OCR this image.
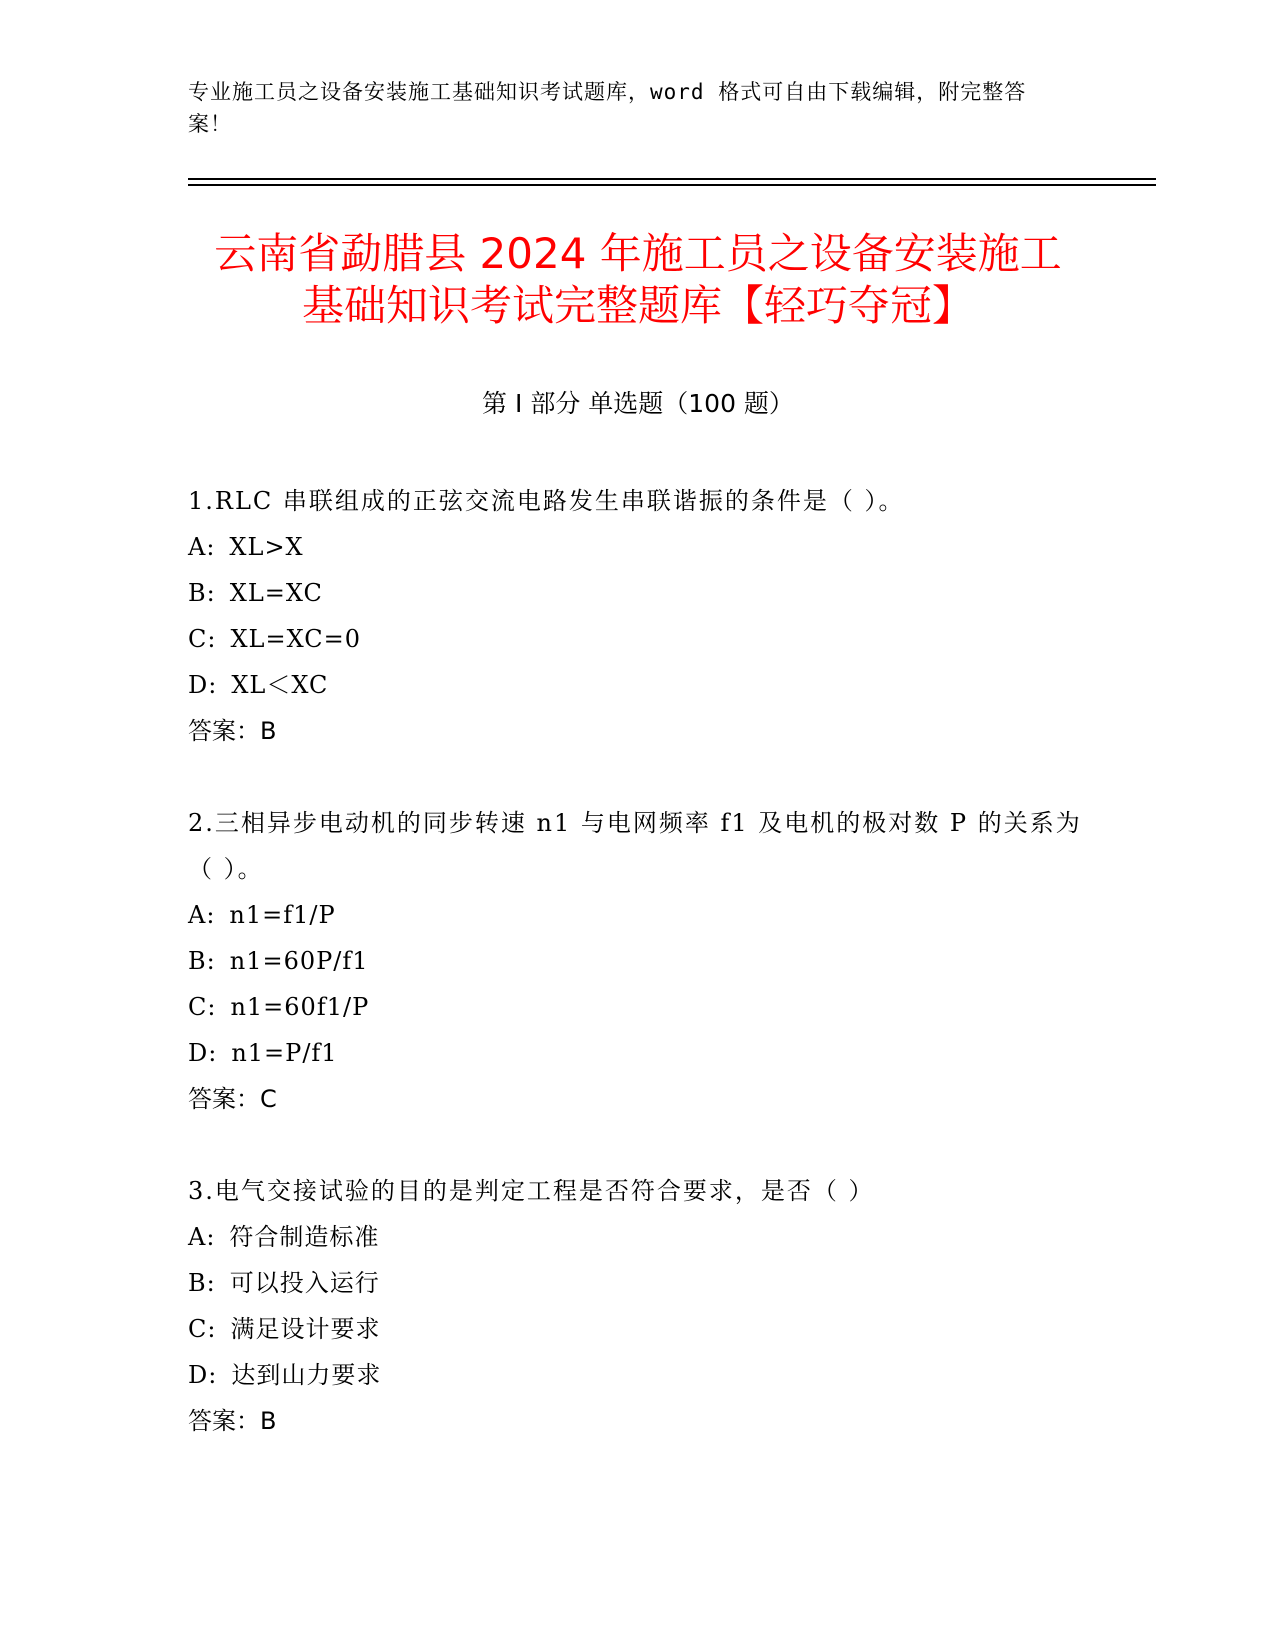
专业施工员之设备安装施工基础知识考试题库，word 格式可自由下载编辑，附完整答案！
云南省勐腊县 2024 年施工员之设备安装施工
基础知识考试完整题库【轻巧夺冠】
第 I 部分 单选题（100 题）

1.RLC 串联组成的正弦交流电路发生串联谐振的条件是（ ）。

A: XL>X

B: XL=XC

C: XL=XC=0

D: XL＜XC

答案：B

2.三相异步电动机的同步转速 n1 与电网频率 f1 及电机的极对数 P 的关系为（ ）。

A: n1=f1/P

B: n1=60P/f1

C: n1=60f1/P

D: n1=P/f1

答案：C

3.电气交接试验的目的是判定工程是否符合要求，是否（ ）

A: 符合制造标准

B: 可以投入运行

C: 满足设计要求

D: 达到山力要求

答案：B
